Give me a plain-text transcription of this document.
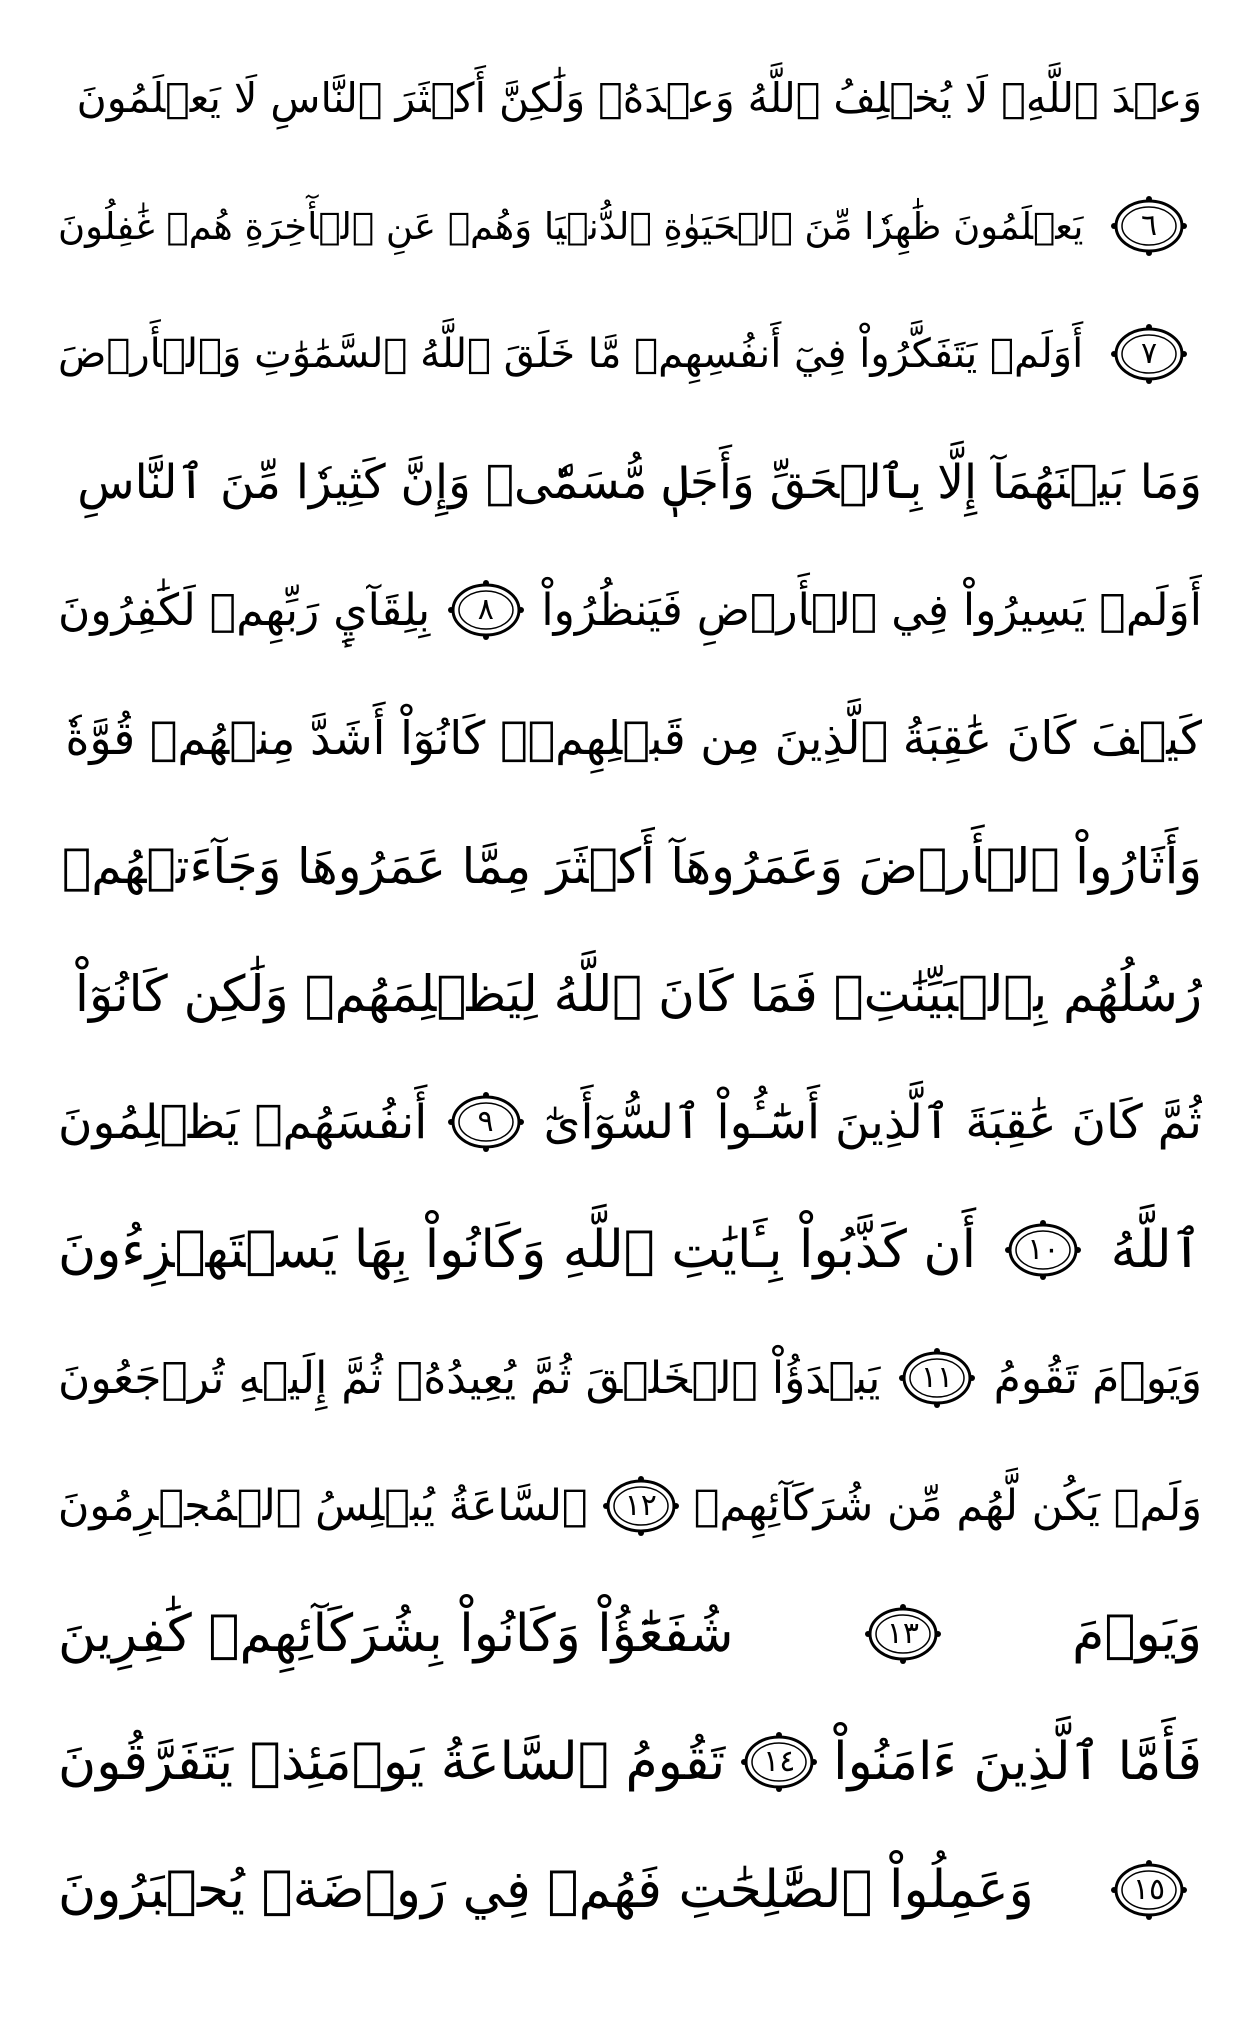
وَعۡدَ ٱللَّهِۖ لَا يُخۡلِفُ ٱللَّهُ وَعۡدَهُۥ وَلَٰكِنَّ أَكۡثَرَ ٱلنَّاسِ لَا يَعۡلَمُونَ
٦
يَعۡلَمُونَ ظَٰهِرٗا مِّنَ ٱلۡحَيَوٰةِ ٱلدُّنۡيَا وَهُمۡ عَنِ ٱلۡأٓخِرَةِ هُمۡ غَٰفِلُونَ
٧
أَوَلَمۡ يَتَفَكَّرُواْ فِيٓ أَنفُسِهِمۗ مَّا خَلَقَ ٱللَّهُ ٱلسَّمَٰوَٰتِ وَٱلۡأَرۡضَ
وَمَا بَيۡنَهُمَآ إِلَّا بِٱلۡحَقِّ وَأَجَلٖ مُّسَمّٗىۗ وَإِنَّ كَثِيرٗا مِّنَ ٱلنَّاسِ
أَوَلَمۡ يَسِيرُواْ فِي ٱلۡأَرۡضِ فَيَنظُرُواْ
٨
بِلِقَآيِٕ رَبِّهِمۡ لَكَٰفِرُونَ
كَيۡفَ كَانَ عَٰقِبَةُ ٱلَّذِينَ مِن قَبۡلِهِمۡۚ كَانُوٓاْ أَشَدَّ مِنۡهُمۡ قُوَّةٗ
وَأَثَارُواْ ٱلۡأَرۡضَ وَعَمَرُوهَآ أَكۡثَرَ مِمَّا عَمَرُوهَا وَجَآءَتۡهُمۡ
رُسُلُهُم بِٱلۡبَيِّنَٰتِۖ فَمَا كَانَ ٱللَّهُ لِيَظۡلِمَهُمۡ وَلَٰكِن كَانُوٓاْ
ثُمَّ كَانَ عَٰقِبَةَ ٱلَّذِينَ أَسَٰٓـُٔواْ ٱلسُّوٓأَىٰٓ
٩
أَنفُسَهُمۡ يَظۡلِمُونَ
ٱللَّهُ
١٠
أَن كَذَّبُواْ بِـَٔايَٰتِ ٱللَّهِ وَكَانُواْ بِهَا يَسۡتَهۡزِءُونَ
وَيَوۡمَ تَقُومُ
١١
يَبۡدَؤُاْ ٱلۡخَلۡقَ ثُمَّ يُعِيدُهُۥ ثُمَّ إِلَيۡهِ تُرۡجَعُونَ
وَلَمۡ يَكُن لَّهُم مِّن شُرَكَآئِهِمۡ
١٢
ٱلسَّاعَةُ يُبۡلِسُ ٱلۡمُجۡرِمُونَ
وَيَوۡمَ
١٣
شُفَعَٰٓؤُاْ وَكَانُواْ بِشُرَكَآئِهِمۡ كَٰفِرِينَ
فَأَمَّا ٱلَّذِينَ ءَامَنُواْ
١٤
تَقُومُ ٱلسَّاعَةُ يَوۡمَئِذٖ يَتَفَرَّقُونَ
١٥
وَعَمِلُواْ ٱلصَّٰلِحَٰتِ فَهُمۡ فِي رَوۡضَةٖ يُحۡبَرُونَ
